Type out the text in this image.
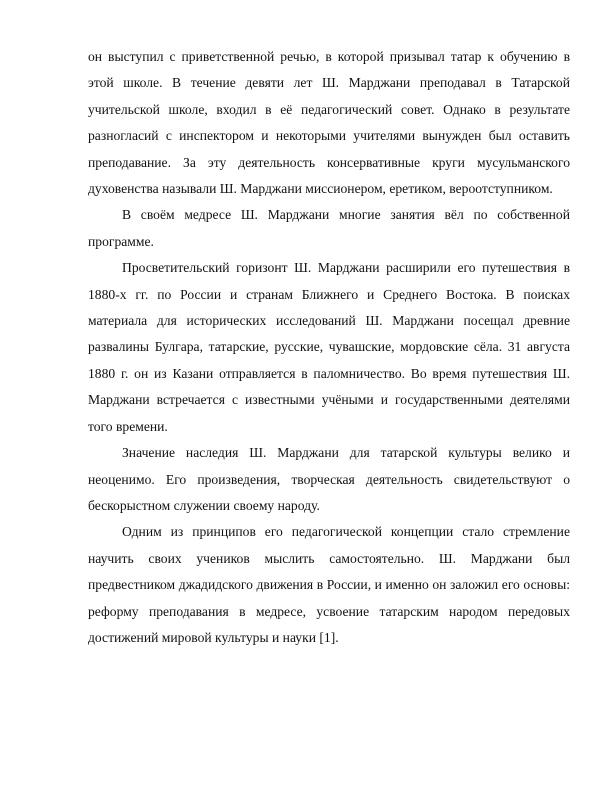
он выступил с приветственной речью, в которой призывал татар к обучению в этой школе. В течение девяти лет Ш. Марджани преподавал в Татарской учительской школе, входил в её педагогический совет. Однако в результате разногласий с инспектором и некоторыми учителями вынужден был оставить преподавание. За эту деятельность консервативные круги мусульманского духовенства называли Ш. Марджани миссионером, еретиком, вероотступником.

В своём медресе Ш. Марджани многие занятия вёл по собственной программе.

Просветительский горизонт Ш. Марджани расширили его путешествия в 1880-х гг. по России и странам Ближнего и Среднего Востока. В поисках материала для исторических исследований Ш. Марджани посещал древние развалины Булгара, татарские, русские, чувашские, мордовские сёла. 31 августа 1880 г. он из Казани отправляется в паломничество. Во время путешествия Ш. Марджани встречается с известными учёными и государственными деятелями того времени.

Значение наследия Ш. Марджани для татарской культуры велико и неоценимо. Его произведения, творческая деятельность свидетельствуют о бескорыстном служении своему народу.

Одним из принципов его педагогической концепции стало стремление научить своих учеников мыслить самостоятельно. Ш. Марджани был предвестником джадидского движения в России, и именно он заложил его основы: реформу преподавания в медресе, усвоение татарским народом передовых достижений мировой культуры и науки [1].
